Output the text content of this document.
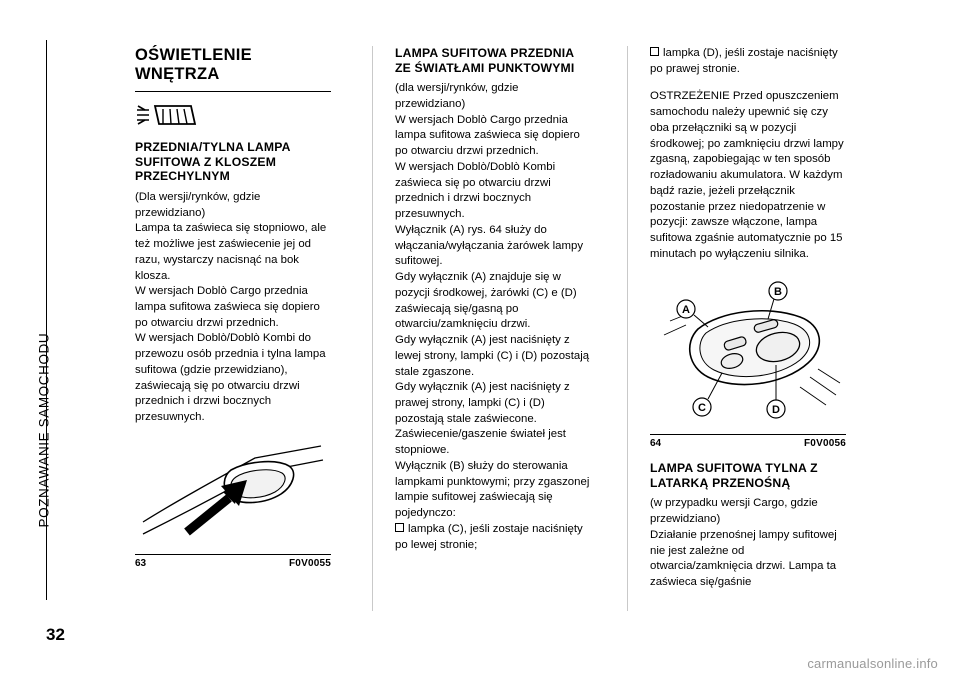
POZNAWANIE SAMOCHODU
32
OŚWIETLENIE
WNĘTRZA
PRZEDNIA/TYLNA LAMPA SUFITOWA Z KLOSZEM PRZECHYLNYM

(Dla wersji/rynków, gdzie przewidziano)

Lampa ta zaświeca się stopniowo, ale też możliwe jest zaświecenie jej od razu, wystarczy nacisnąć na bok klosza.

W wersjach Doblò Cargo przednia lampa sufitowa zaświeca się dopiero po otwarciu drzwi przednich.

W wersjach Doblò/Doblò Kombi do przewozu osób przednia i tylna lampa sufitowa (gdzie przewidziano), zaświecają się po otwarciu drzwi przednich i drzwi bocznych przesuwnych.

63	F0V0055
LAMPA SUFITOWA PRZEDNIA ZE ŚWIATŁAMI PUNKTOWYMI

(dla wersji/rynków, gdzie przewidziano)

W wersjach Doblò Cargo przednia lampa sufitowa zaświeca się dopiero po otwarciu drzwi przednich.

W wersjach Doblò/Doblò Kombi zaświeca się po otwarciu drzwi przednich i drzwi bocznych przesuwnych.

Wyłącznik (A) rys. 64 służy do włączania/wyłączania żarówek lampy sufitowej.

Gdy wyłącznik (A) znajduje się w pozycji środkowej, żarówki (C) e (D) zaświecają się/gasną po otwarciu/zamknięciu drzwi.

Gdy wyłącznik (A) jest naciśnięty z lewej strony, lampki (C) i (D) pozostają stale zgaszone.

Gdy wyłącznik (A) jest naciśnięty z prawej strony, lampki (C) i (D) pozostają stale zaświecone.

Zaświecenie/gaszenie świateł jest stopniowe.

Wyłącznik (B) służy do sterowania lampkami punktowymi; przy zgaszonej lampie sufitowej zaświecają się pojedynczo:

lampka (C), jeśli zostaje naciśnięty po lewej stronie;

lampka (D), jeśli zostaje naciśnięty po prawej stronie.

OSTRZEŻENIE Przed opuszczeniem samochodu należy upewnić się czy oba przełączniki są w pozycji środkowej; po zamknięciu drzwi lampy zgasną, zapobiegając w ten sposób rozładowaniu akumulatora. W każdym bądź razie, jeżeli przełącznik pozostanie przez niedopatrzenie w pozycji: zawsze włączone, lampa sufitowa zgaśnie automatycznie po 15 minutach po wyłączeniu silnika.

A
B
C	D
64	F0V0056
LAMPA SUFITOWA TYLNA Z LATARKĄ PRZENOŚNĄ

(w przypadku wersji Cargo, gdzie przewidziano)

Działanie przenośnej lampy sufitowej nie jest zależne od otwarcia/zamknięcia drzwi. Lampa ta zaświeca się/gaśnie

carmanualsonline.info
